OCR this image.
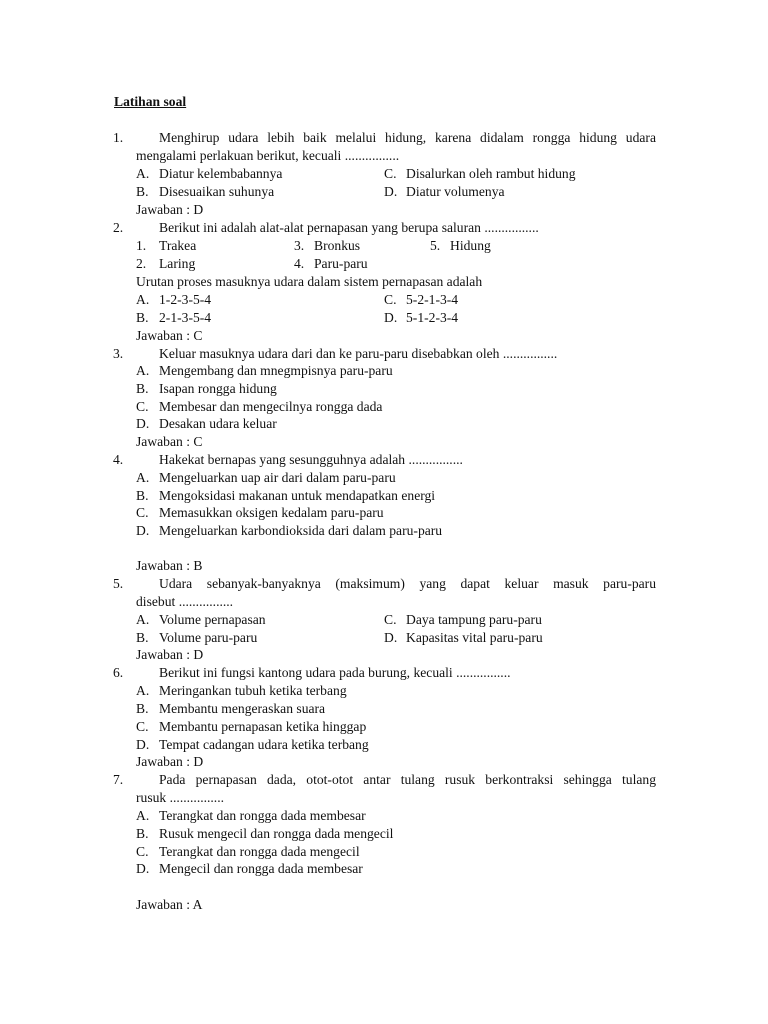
Latihan soal
1.	Menghirup udara lebih baik melalui hidung, karena didalam rongga hidung udara
mengalami perlakuan berikut, kecuali ................
A. Diatur kelembabannya	C. Disalurkan oleh rambut hidung
B. Disesuaikan suhunya	D. Diatur volumenya
Jawaban : D
2.	Berikut ini adalah alat-alat pernapasan yang berupa saluran ................
1. Trakea	3. Bronkus	5. Hidung
2. Laring	4. Paru-paru
Urutan proses masuknya udara dalam sistem pernapasan adalah
A. 1-2-3-5-4	C. 5-2-1-3-4
B. 2-1-3-5-4	D. 5-1-2-3-4
Jawaban : C
3.	Keluar masuknya udara dari dan ke paru-paru disebabkan oleh ................
A. Mengembang dan mnegmpisnya paru-paru
B. Isapan rongga hidung
C. Membesar dan mengecilnya rongga dada
D. Desakan udara keluar
Jawaban : C
4.	Hakekat bernapas yang sesungguhnya adalah ................
A. Mengeluarkan uap air dari dalam paru-paru
B. Mengoksidasi makanan untuk mendapatkan energi
C. Memasukkan oksigen kedalam paru-paru
D. Mengeluarkan karbondioksida dari dalam paru-paru
Jawaban : B
5.	Udara sebanyak-banyaknya (maksimum) yang dapat keluar masuk paru-paru
disebut ................
A. Volume pernapasan	C. Daya tampung paru-paru
B. Volume paru-paru	D. Kapasitas vital paru-paru
Jawaban : D
6.	Berikut ini fungsi kantong udara pada burung, kecuali ................
A. Meringankan tubuh ketika terbang
B. Membantu mengeraskan suara
C. Membantu pernapasan ketika hinggap
D. Tempat cadangan udara ketika terbang
Jawaban : D
7.	Pada pernapasan dada, otot-otot antar tulang rusuk berkontraksi sehingga tulang
rusuk ................
A. Terangkat dan rongga dada membesar
B. Rusuk mengecil dan rongga dada mengecil
C. Terangkat dan rongga dada mengecil
D. Mengecil dan rongga dada membesar
Jawaban : A
